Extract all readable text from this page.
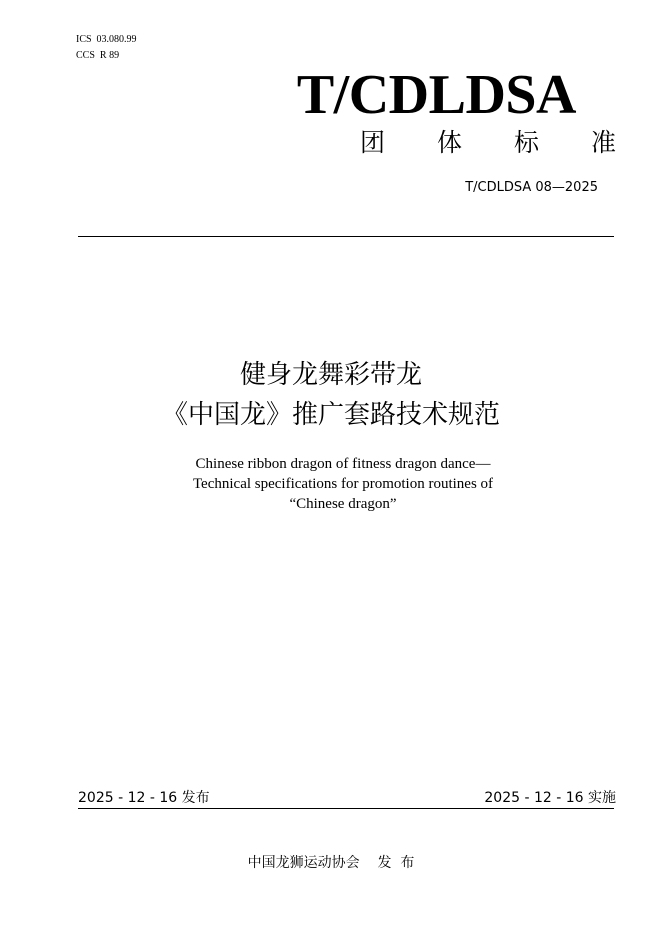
ICS  03.080.99
CCS  R 89
T/CDLDSA
团 体 标 准
T/CDLDSA 08—2025
健身龙舞彩带龙
《中国龙》推广套路技术规范
Chinese ribbon dragon of fitness dragon dance—
Technical specifications for promotion routines of
“Chinese dragon”
2025 - 12 - 16 发布	2025 - 12 - 16 实施
中国龙狮运动协会    发  布
